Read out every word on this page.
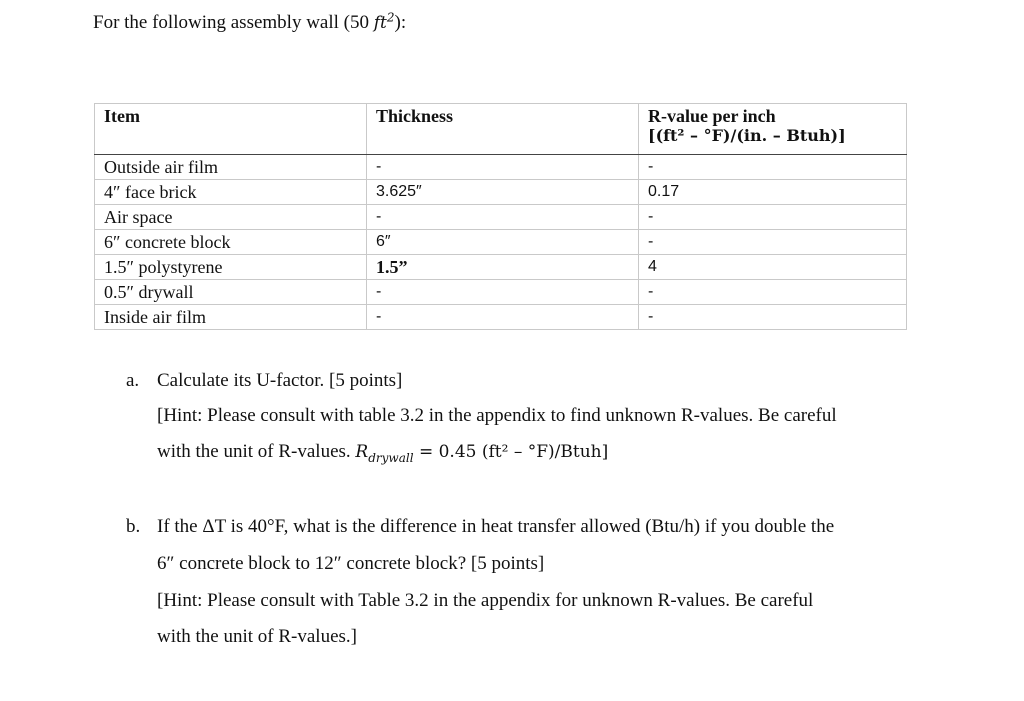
For the following assembly wall (50 $ft^2$):
Item	Thickness	R-value per inch
[(ft² – °F)/(in. – Btuh)]

Outside air film	-	-
4″ face brick	3.625″	0.17
Air space	-	-
6″ concrete block	6″	-
1.5″ polystyrene	1.5”	4
0.5″ drywall	-	-
Inside air film	-	-
a. Calculate its U-factor. [5 points]
[Hint: Please consult with table 3.2 in the appendix to find unknown R-values. Be careful
with the unit of R-values. $R_{drywall} = 0.45$ (ft² – °F)/Btuh]
b. If the ΔT is 40°F, what is the difference in heat transfer allowed (Btu/h) if you double the
6″ concrete block to 12″ concrete block? [5 points]
[Hint: Please consult with Table 3.2 in the appendix for unknown R-values. Be careful
with the unit of R-values.]
